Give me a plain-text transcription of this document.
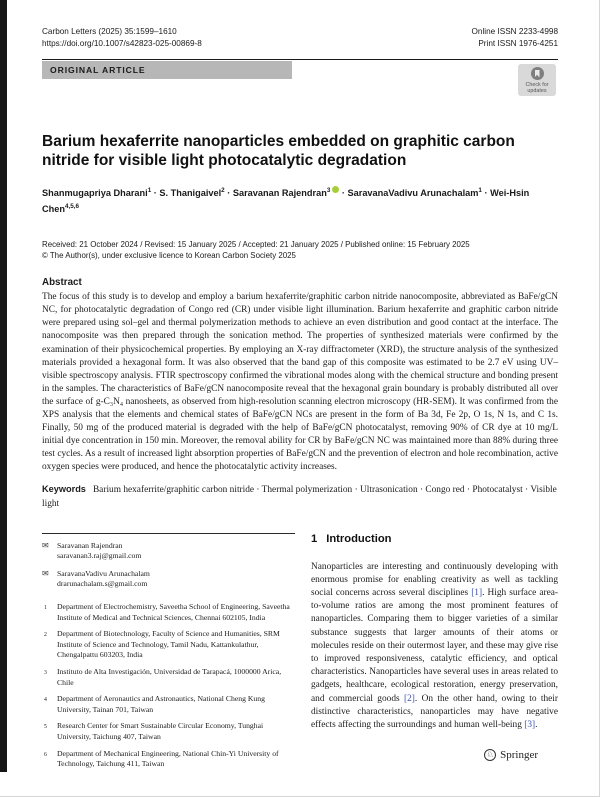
Carbon Letters (2025) 35:1599–1610
https://doi.org/10.1007/s42823-025-00869-8
Online ISSN 2233-4998
Print ISSN 1976-4251
ORIGINAL ARTICLE
Check for
updates
Barium hexaferrite nanoparticles embedded on graphitic carbon nitride for visible light photocatalytic degradation
Shanmugapriya Dharani$^1$ · S. Thanigaivel$^2$ · Saravanan Rajendran$^3$ · SaravanaVadivu Arunachalam$^1$ · Wei-Hsin Chen$^{4,5,6}$
Received: 21 October 2024 / Revised: 15 January 2025 / Accepted: 21 January 2025 / Published online: 15 February 2025
© The Author(s), under exclusive licence to Korean Carbon Society 2025
Abstract
The focus of this study is to develop and employ a barium hexaferrite/graphitic carbon nitride nanocomposite, abbreviated as BaFe/gCN NC, for photocatalytic degradation of Congo red (CR) under visible light illumination. Barium hexaferrite and graphitic carbon nitride were prepared using sol–gel and thermal polymerization methods to achieve an even distribution and good contact at the interface. The nanocomposite was then prepared through the sonication method. The properties of synthesized materials were confirmed by the examination of their physicochemical properties. By employing an X-ray diffractometer (XRD), the structure analysis of the synthesized materials provided a hexagonal form. It was also observed that the band gap of this composite was estimated to be 2.7 eV using UV–visible spectroscopy analysis. FTIR spectroscopy confirmed the vibrational modes along with the chemical structure and bonding present in the samples. The characteristics of BaFe/gCN nanocomposite reveal that the hexagonal grain boundary is probably distributed all over the surface of g-C₃N₄ nanosheets, as observed from high-resolution scanning electron microscopy (HR-SEM). It was confirmed from the XPS analysis that the elements and chemical states of BaFe/gCN NCs are present in the form of Ba 3d, Fe 2p, O 1s, N 1s, and C 1s. Finally, 50 mg of the produced material is degraded with the help of BaFe/gCN photocatalyst, removing 90% of CR dye at 10 mg/L initial dye concentration in 150 min. Moreover, the removal ability for CR by BaFe/gCN NC was maintained more than 88% during three test cycles. As a result of increased light absorption properties of BaFe/gCN and the prevention of electron and hole recombination, active oxygen species were produced, and hence the photocatalytic activity increases.
Keywords Barium hexaferrite/graphitic carbon nitride · Thermal polymerization · Ultrasonication · Congo red · Photocatalyst · Visible light
✉	Saravanan Rajendran
saravanan3.raj@gmail.com
✉	SaravanaVadivu Arunachalam
drarunachalam.s@gmail.com
1	Department of Electrochemistry, Saveetha School of Engineering, Saveetha Institute of Medical and Technical Sciences, Chennai 602105, India
2	Department of Biotechnology, Faculty of Science and Humanities, SRM Institute of Science and Technology, Tamil Nadu, Kattankulathur, Chengalpattu 603203, India
3	Instituto de Alta Investigación, Universidad de Tarapacá, 1000000 Arica, Chile
4	Department of Aeronautics and Astronautics, National Cheng Kung University, Tainan 701, Taiwan
5	Research Center for Smart Sustainable Circular Economy, Tunghai University, Taichung 407, Taiwan
6	Department of Mechanical Engineering, National Chin-Yi University of Technology, Taichung 411, Taiwan
1 Introduction
Nanoparticles are interesting and continuously developing with enormous promise for enabling creativity as well as tackling social concerns across several disciplines [1]. High surface area-to-volume ratios are among the most prominent features of nanoparticles. Comparing them to bigger varieties of a similar substance suggests that larger amounts of their atoms or molecules reside on their outermost layer, and these may give rise to improved responsiveness, catalytic efficiency, and optical characteristics. Nanoparticles have several uses in areas related to gadgets, healthcare, ecological restoration, energy preservation, and commercial goods [2]. On the other hand, owing to their distinctive characteristics, nanoparticles may have negative effects affecting the surroundings and human well-being [3].
♘ Springer
